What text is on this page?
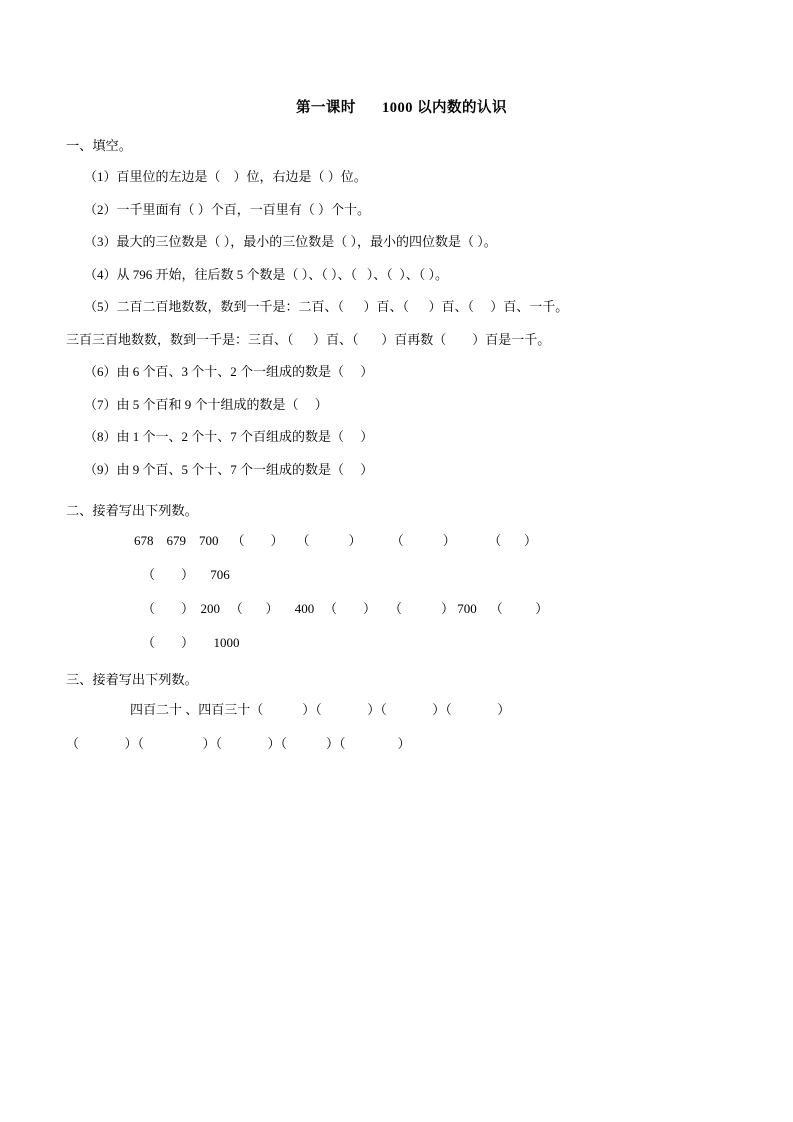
第一课时 1000 以内数的认识
一、填空。
（1）百里位的左边是（    ）位，右边是（ ）位。
（2）一千里面有（ ）个百，一百里有（ ）个十。
（3）最大的三位数是（ ），最小的三位数是（ ），最小的四位数是（ ）。
（4）从 796 开始，往后数 5 个数是（ ）、（ ）、（   ）、（  ）、（ ）。
（5）二百二百地数数，数到一千是：二百、（      ）百、（      ）百、（     ）百、一千。
三百三百地数数，数到一千是：三百、（      ）百、（       ）百再数（        ）百是一千。
（6）由 6 个百、3 个十、2 个一组成的数是（     ）
（7）由 5 个百和 9 个十组成的数是（     ）
（8）由 1 个一、2 个十、7 个百组成的数是（     ）
（9）由 9 个百、5 个十、7 个一组成的数是（     ）
二、接着写出下列数。
678    679    700    （        ）    （            ）         （            ）          （       ）
（        ）     706
（        ）  200   （       ）     400   （        ）    （            ） 700    （          ）
（        ）      1000
三、接着写出下列数。
四百二十 、四百三十（            ）（              ）（              ）（              ）
（              ）（                  ）（              ）（            ）（                ）
